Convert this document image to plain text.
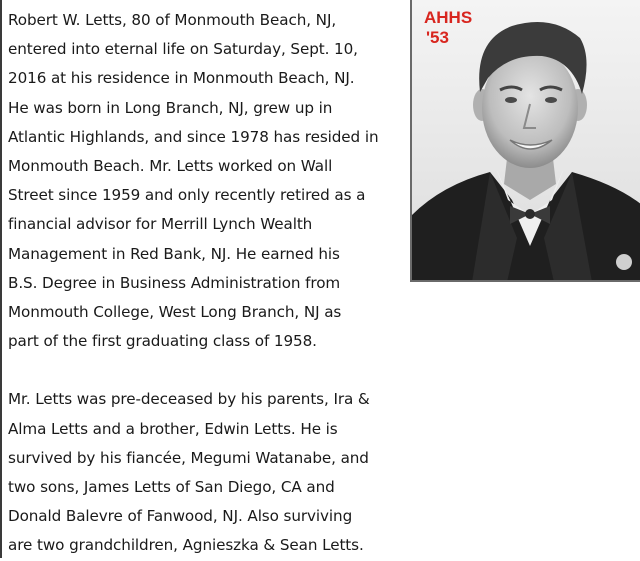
Robert W. Letts, 80 of Monmouth Beach, NJ,
entered into eternal life on Saturday, Sept. 10,
2016 at his residence in Monmouth Beach, NJ.
He was born in Long Branch, NJ, grew up in
Atlantic Highlands, and since 1978 has resided in
Monmouth Beach. Mr. Letts worked on Wall
Street since 1959 and only recently retired as a
financial advisor for Merrill Lynch Wealth
Management in Red Bank, NJ. He earned his
B.S. Degree in Business Administration from
Monmouth College, West Long Branch, NJ as
part of the first graduating class of 1958.

Mr. Letts was pre-deceased by his parents, Ira &
Alma Letts and a brother, Edwin Letts. He is
survived by his fiancée, Megumi Watanabe, and
two sons, James Letts of San Diego, CA and
Donald Balevre of Fanwood, NJ. Also surviving
are two grandchildren, Agnieszka & Sean Letts.

AHHS
'53
